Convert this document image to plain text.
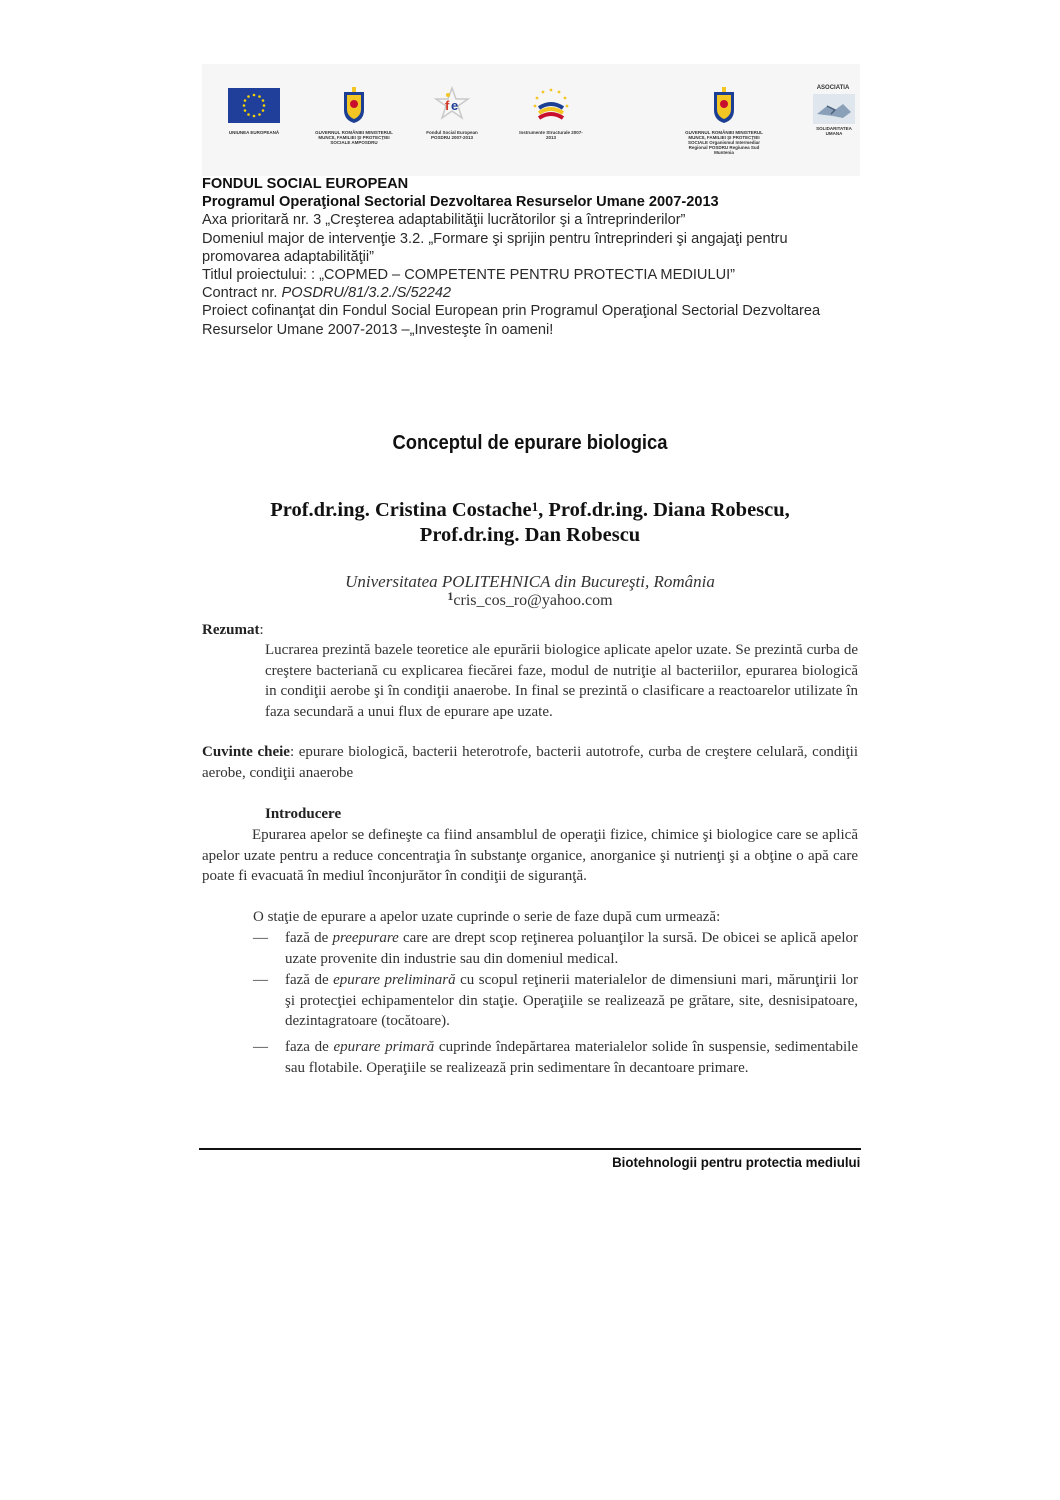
UNIUNEA EUROPEANĂ	GUVERNUL ROMÂNIEI MINISTERUL MUNCII, FAMILIEI ŞI PROTECŢIEI SOCIALE AMPOSDRU
f e
Fondul Social European POSDRU 2007-2013
Instrumente Structurale 2007-2013
GUVERNUL ROMÂNIEI MINISTERUL MUNCII, FAMILIEI ŞI PROTECŢIEI SOCIALE Organismul Intermediar Regional POSDRU Regiunea Sud Muntenia
ASOCIATIA
SOLIDARITATEA UMANA
FONDUL SOCIAL EUROPEAN
Programul Operaţional Sectorial Dezvoltarea Resurselor Umane 2007-2013
Axa prioritară nr. 3 „Creşterea adaptabilităţii lucrătorilor şi a întreprinderilor”
Domeniul major de intervenţie 3.2. „Formare şi sprijin pentru întreprinderi şi angajaţi pentru promovarea adaptabilităţii”
Titlul proiectului: : „COPMED – COMPETENTE PENTRU PROTECTIA MEDIULUI”
Contract nr. POSDRU/81/3.2./S/52242
Proiect cofinanţat din Fondul Social European prin Programul Operaţional Sectorial Dezvoltarea Resurselor Umane 2007-2013 –„Investeşte în oameni!
Conceptul de epurare biologica
Prof.dr.ing. Cristina Costache$^1$, Prof.dr.ing. Diana Robescu,
Prof.dr.ing. Dan Robescu
Universitatea POLITEHNICA din Bucureşti, România
$^1$cris_cos_ro@yahoo.com
Rezumat:
Lucrarea prezintă bazele teoretice ale epurării biologice aplicate apelor uzate. Se prezintă curba de creştere bacteriană cu explicarea fiecărei faze, modul de nutriţie al bacteriilor, epurarea biologică in condiţii aerobe şi în condiţii anaerobe. In final se prezintă o clasificare a reactoarelor utilizate în faza secundară a unui flux de epurare ape uzate.
Cuvinte cheie: epurare biologică, bacterii heterotrofe, bacterii autotrofe, curba de creştere celulară, condiţii aerobe, condiţii anaerobe
Introducere
Epurarea apelor se defineşte ca fiind ansamblul de operaţii fizice, chimice şi biologice care se aplică apelor uzate pentru a reduce concentraţia în substanţe organice, anorganice şi nutrienţi şi a obţine o apă care poate fi evacuată în mediul înconjurător în condiţii de siguranţă.
O staţie de epurare a apelor uzate cuprinde o serie de faze după cum urmează:
— fază de preepurare care are drept scop reţinerea poluanţilor la sursă. De obicei se aplică apelor uzate provenite din industrie sau din domeniul medical.
— fază de epurare preliminară cu scopul reţinerii materialelor de dimensiuni mari, mărunţirii lor şi protecţiei echipamentelor din staţie. Operaţiile se realizează pe grătare, site, desnisipatoare, dezintagratoare (tocătoare).
— faza de epurare primară cuprinde îndepărtarea materialelor solide în suspensie, sedimentabile sau flotabile. Operaţiile se realizează prin sedimentare în decantoare primare.
Biotehnologii pentru protectia mediului
